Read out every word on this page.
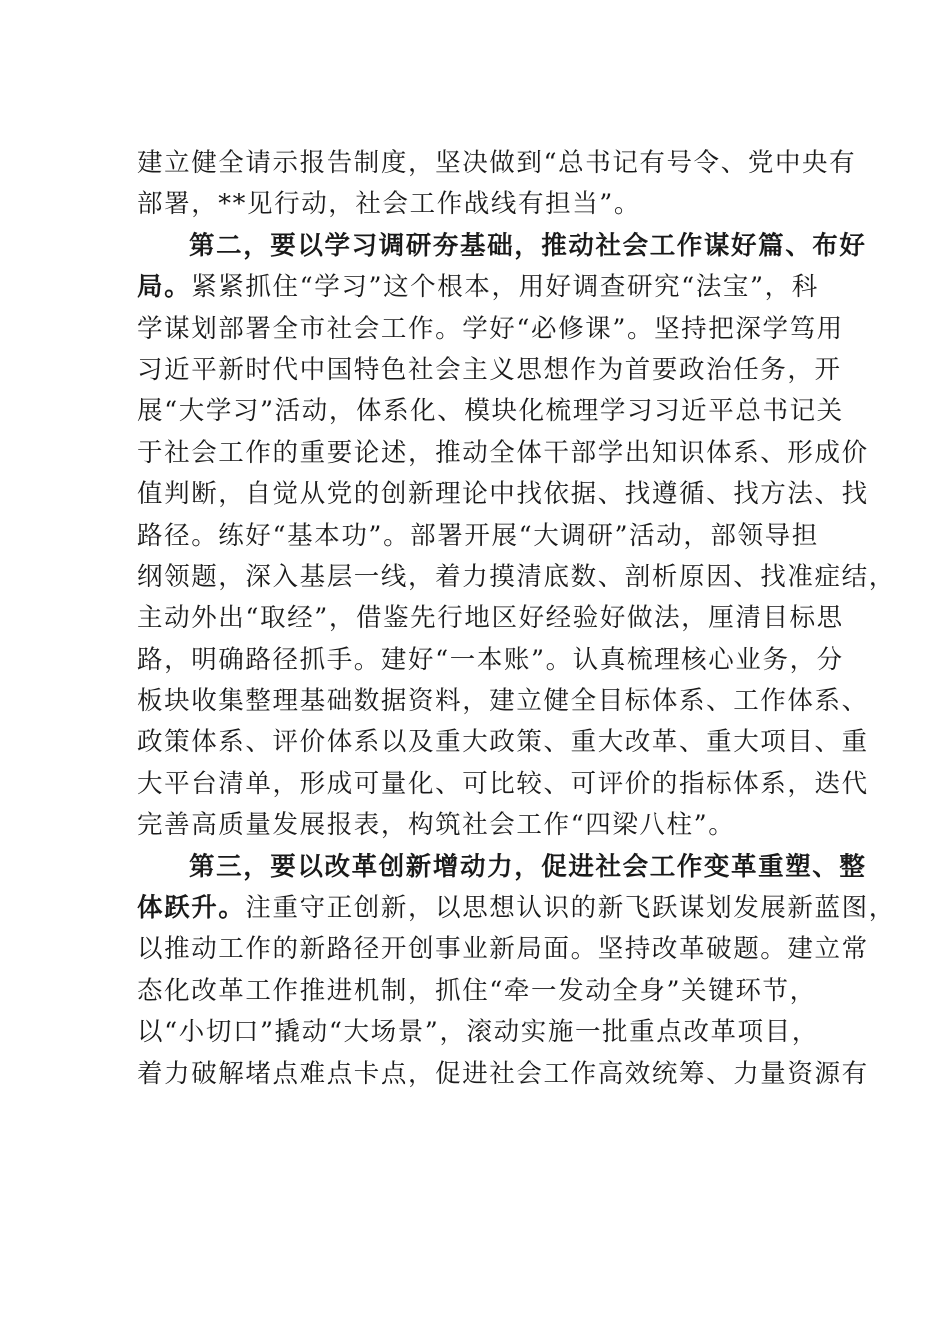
建立健全请示报告制度，坚决做到“总书记有号令、党中央有
部署，**见行动，社会工作战线有担当”。
第二，要以学习调研夯基础，推动社会工作谋好篇、布好
局。紧紧抓住“学习”这个根本，用好调查研究“法宝”，科
学谋划部署全市社会工作。学好“必修课”。坚持把深学笃用
习近平新时代中国特色社会主义思想作为首要政治任务，开
展“大学习”活动，体系化、模块化梳理学习习近平总书记关
于社会工作的重要论述，推动全体干部学出知识体系、形成价
值判断，自觉从党的创新理论中找依据、找遵循、找方法、找
路径。练好“基本功”。部署开展“大调研”活动，部领导担
纲领题，深入基层一线，着力摸清底数、剖析原因、找准症结，
主动外出“取经”，借鉴先行地区好经验好做法，厘清目标思
路，明确路径抓手。建好“一本账”。认真梳理核心业务，分
板块收集整理基础数据资料，建立健全目标体系、工作体系、
政策体系、评价体系以及重大政策、重大改革、重大项目、重
大平台清单，形成可量化、可比较、可评价的指标体系，迭代
完善高质量发展报表，构筑社会工作“四梁八柱”。
第三，要以改革创新增动力，促进社会工作变革重塑、整
体跃升。注重守正创新，以思想认识的新飞跃谋划发展新蓝图，
以推动工作的新路径开创事业新局面。坚持改革破题。建立常
态化改革工作推进机制，抓住“牵一发动全身”关键环节，
以“小切口”撬动“大场景”，滚动实施一批重点改革项目，
着力破解堵点难点卡点，促进社会工作高效统筹、力量资源有
